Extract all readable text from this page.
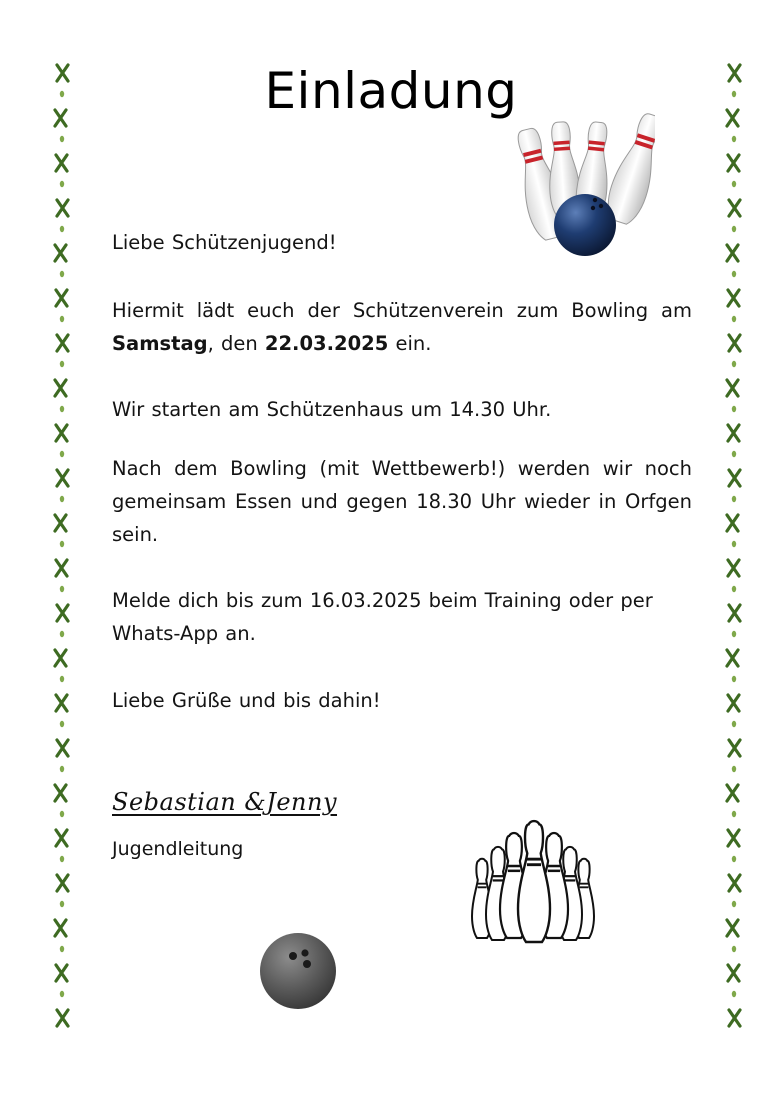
Einladung
Liebe Schützenjugend!
Hiermit lädt euch der Schützenverein zum Bowling am Samstag, den 22.03.2025 ein.
Wir starten am Schützenhaus um 14.30 Uhr.
Nach dem Bowling (mit Wettbewerb!) werden wir noch gemeinsam Essen und gegen 18.30 Uhr wieder in Orfgen sein.
Melde dich bis zum 16.03.2025 beim Training oder per Whats-App an.
Liebe Grüße und bis dahin!
Sebastian &Jenny
Jugendleitung
